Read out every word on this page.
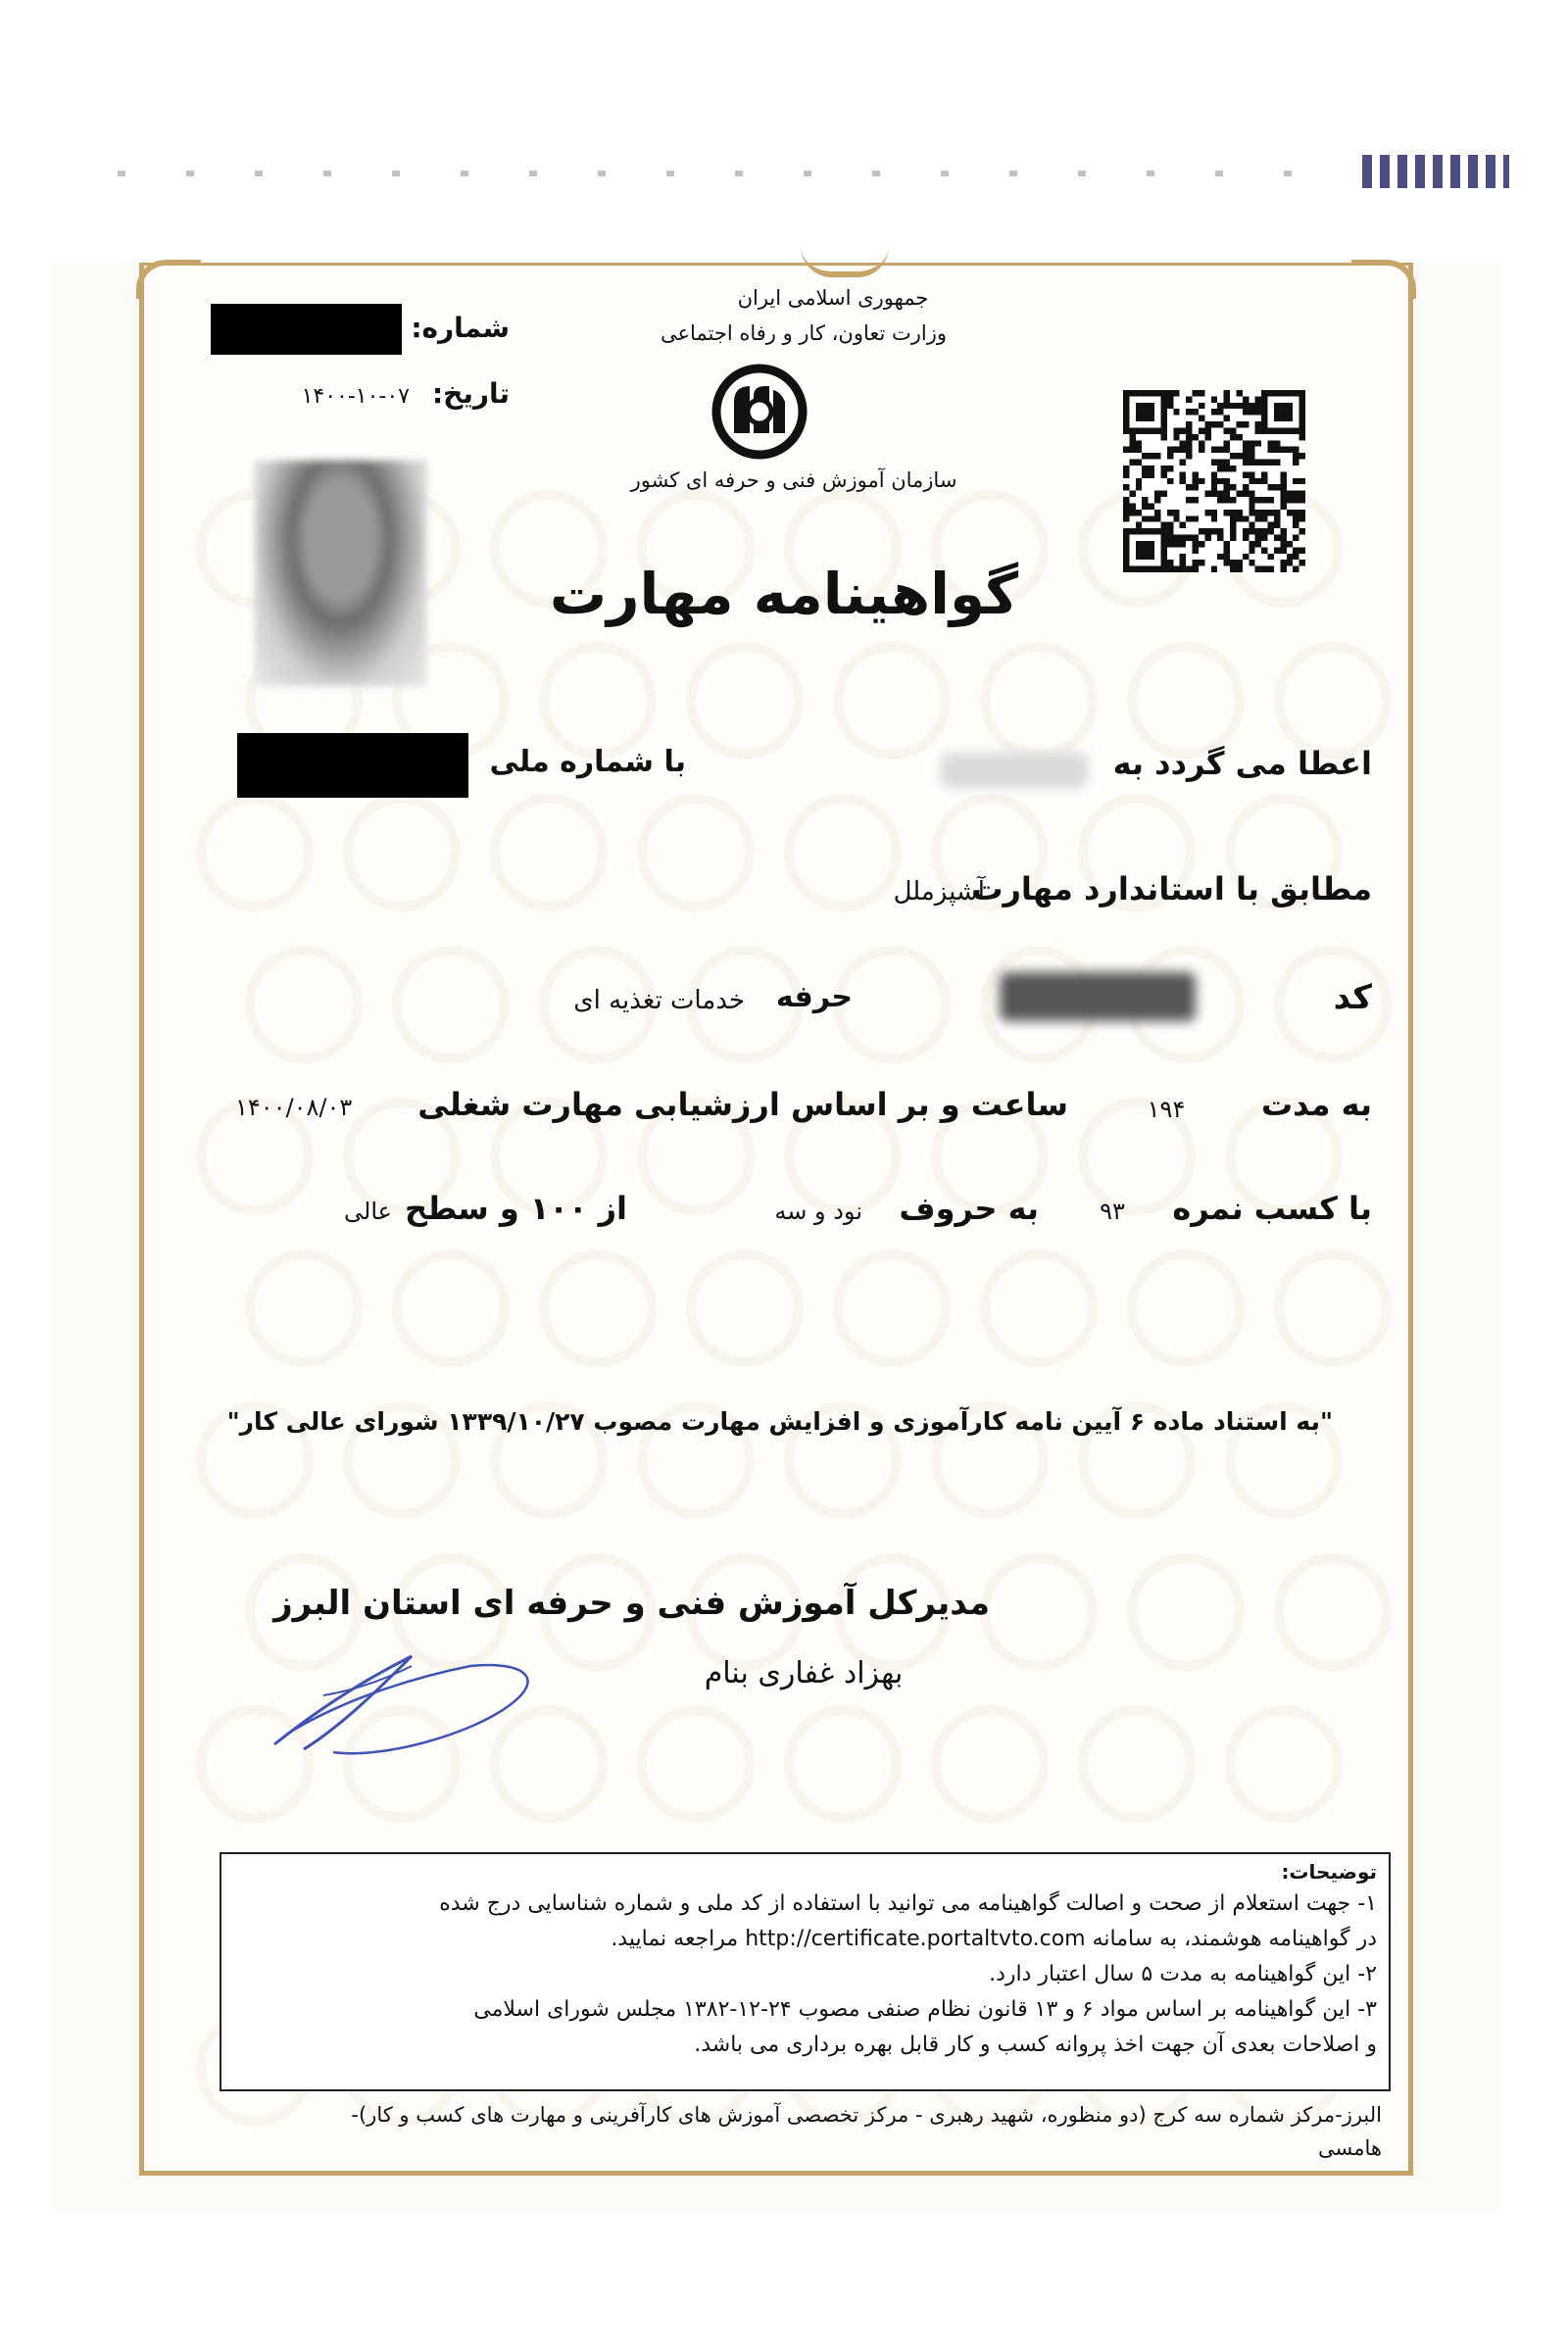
جمهوری اسلامی ایران
وزارت تعاون، کار و رفاه اجتماعی
سازمان آموزش فنی و حرفه ای کشور
شماره:
تاریخ:
۱۴۰۰-۱۰-۰۷
گواهینامه مهارت
اعطا می گردد به
با شماره ملی
مطابق با استاندارد مهارت
آشپزملل
کد
حرفه
خدمات تغذیه ای
به مدت
۱۹۴
ساعت و بر اساس ارزشیابی مهارت شغلی
۱۴۰۰/۰۸/۰۳
با کسب نمره
۹۳
به حروف
نود و سه
از ۱۰۰ و سطح
عالی
"به استناد ماده ۶ آیین نامه کارآموزی و افزایش مهارت مصوب ۱۳۳۹/۱۰/۲۷ شورای عالی کار"
مدیرکل آموزش فنی و حرفه ای استان البرز
بهزاد غفاری بنام
توضیحات:
۱- جهت استعلام از صحت و اصالت گواهینامه می توانید با استفاده از کد ملی و شماره شناسایی درج شده
در گواهینامه هوشمند، به سامانه http://certificate.portaltvto.com مراجعه نمایید.
۲- این گواهینامه به مدت ۵ سال اعتبار دارد.
۳- این گواهینامه بر اساس مواد ۶ و ۱۳ قانون نظام صنفی مصوب ۲۴-۱۲-۱۳۸۲ مجلس شورای اسلامی
و اصلاحات بعدی آن جهت اخذ پروانه کسب و کار قابل بهره برداری می باشد.
البرز-مرکز شماره سه کرج (دو منظوره، شهید رهبری - مرکز تخصصی آموزش های کارآفرینی و مهارت های کسب و کار)-
هامسی
